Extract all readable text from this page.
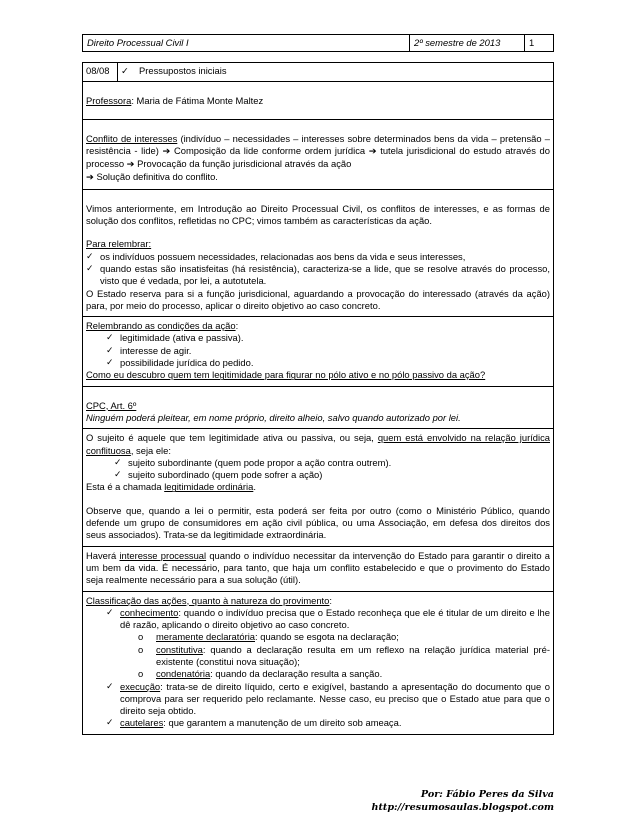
Direito Processual Civil I	2º semestre de 2013	1
08/08	✓	Pressupostos iniciais

Professora: Maria de Fátima Monte Maltez

Conflito de interesses (indivíduo – necessidades – interesses sobre determinados bens da vida – pretensão – resistência - lide) ➔ Composição da lide conforme ordem jurídica ➔ tutela jurisdicional do estudo através do processo ➔ Provocação da função jurisdicional através da ação
➔ Solução definitiva do conflito.

Vimos anteriormente, em Introdução ao Direito Processual Civil, os conflitos de interesses, e as formas de solução dos conflitos, refletidas no CPC; vimos também as características da ação.

Para relembrar:

✓ os indivíduos possuem necessidades, relacionadas aos bens da vida e seus interesses,
✓ quando estas são insatisfeitas (há resistência), caracteriza-se a lide, que se resolve através do processo, visto que é vedada, por lei, a autotutela.

O Estado reserva para si a função jurisdicional, aguardando a provocação do interessado (através da ação) para, por meio do processo, aplicar o direito objetivo ao caso concreto.

Relembrando as condições da ação:

✓ legitimidade (ativa e passiva).
✓ interesse de agir.
✓ possibilidade jurídica do pedido.

Como eu descubro quem tem legitimidade para figurar no pólo ativo e no pólo passivo da ação?

CPC, Art. 6º

Ninguém poderá pleitear, em nome próprio, direito alheio, salvo quando autorizado por lei.

O sujeito é aquele que tem legitimidade ativa ou passiva, ou seja, quem está envolvido na relação jurídica conflituosa, seja ele:

✓ sujeito subordinante (quem pode propor a ação contra outrem).
✓ sujeito subordinado (quem pode sofrer a ação)

Esta é a chamada legitimidade ordinária.

Observe que, quando a lei o permitir, esta poderá ser feita por outro (como o Ministério Público, quando defende um grupo de consumidores em ação civil pública, ou uma Associação, em defesa dos direitos dos seus associados). Trata-se da legitimidade extraordinária.

Haverá interesse processual quando o indivíduo necessitar da intervenção do Estado para garantir o direito a um bem da vida. É necessário, para tanto, que haja um conflito estabelecido e que o provimento do Estado seja realmente necessário para a sua solução (útil).

Classificação das ações, quanto à natureza do provimento:

✓ conhecimento: quando o indivíduo precisa que o Estado reconheça que ele é titular de um direito e lhe dê razão, aplicando o direito objetivo ao caso concreto.
o	meramente declaratória: quando se esgota na declaração;
o	constitutiva: quando a declaração resulta em um reflexo na relação jurídica material pré-existente (constitui nova situação);
o	condenatória: quando da declaração resulta a sanção.
✓ execução: trata-se de direito líquido, certo e exigível, bastando a apresentação do documento que o comprova para ser requerido pelo reclamante. Nesse caso, eu preciso que o Estado atue para que o direito seja obtido.
✓ cautelares: que garantem a manutenção de um direito sob ameaça.
Por: Fábio Peres da Silva
http://resumosaulas.blogspot.com
